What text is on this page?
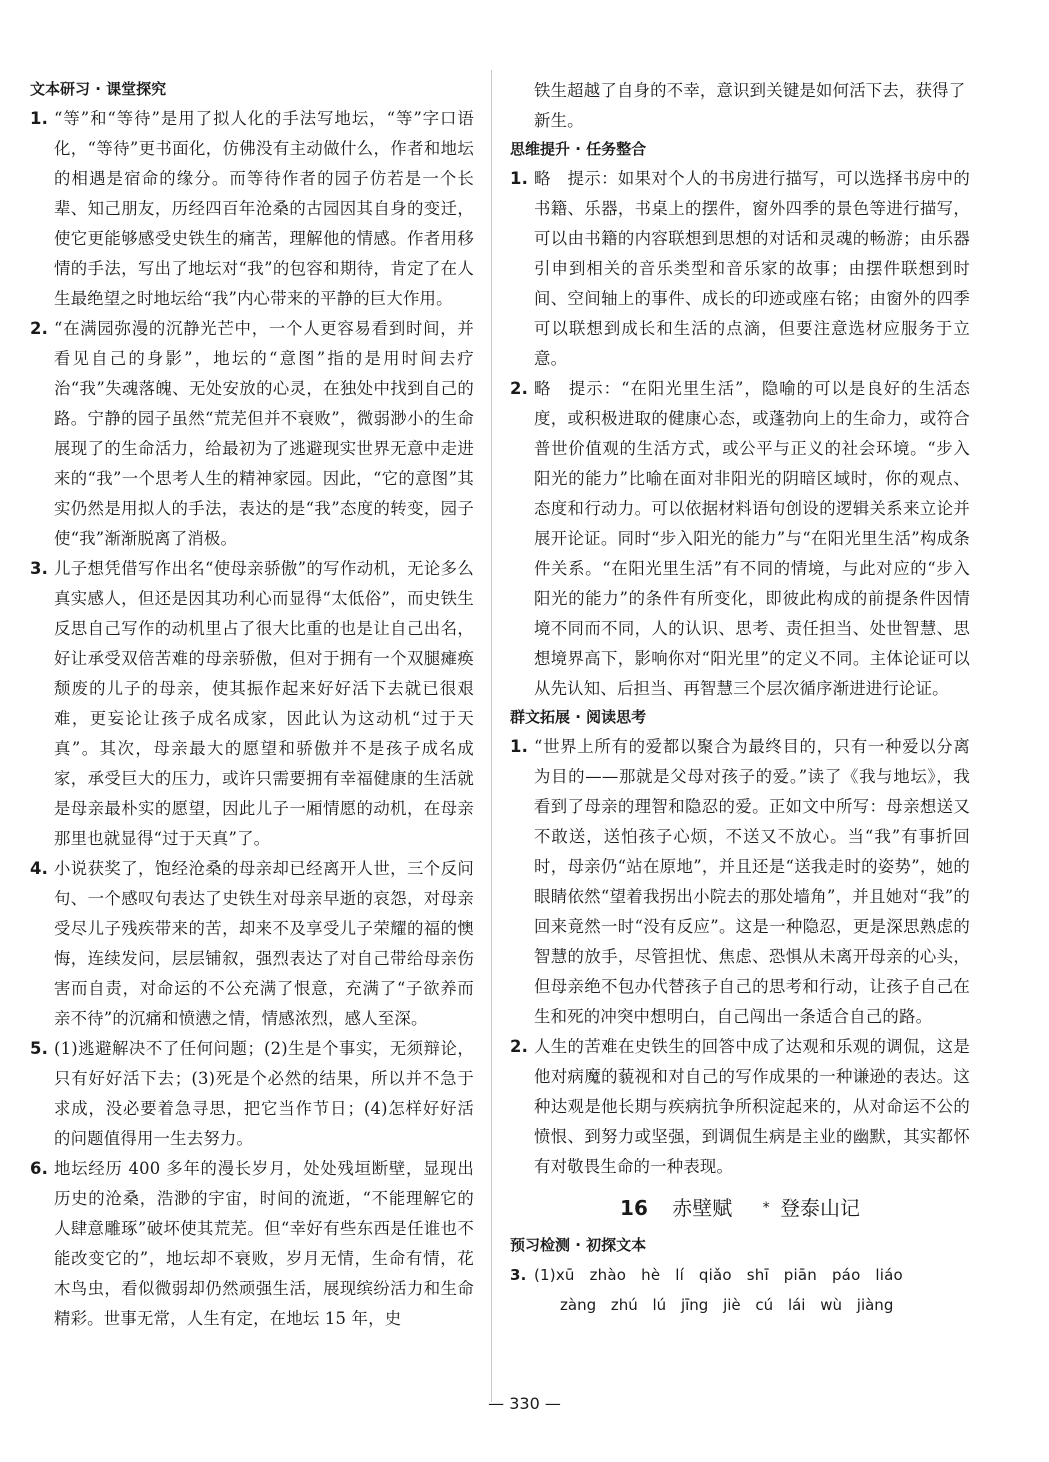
文本研习 · 课堂探究
1. “等”和“等待”是用了拟人化的手法写地坛，“等”字口语化，“等待”更书面化，仿佛没有主动做什么，作者和地坛的相遇是宿命的缘分。而等待作者的园子仿若是一个长辈、知己朋友，历经四百年沧桑的古园因其自身的变迁，使它更能够感受史铁生的痛苦，理解他的情感。作者用移情的手法，写出了地坛对“我”的包容和期待，肯定了在人生最绝望之时地坛给“我”内心带来的平静的巨大作用。
2. “在满园弥漫的沉静光芒中，一个人更容易看到时间，并看见自己的身影”，地坛的“意图”指的是用时间去疗治“我”失魂落魄、无处安放的心灵，在独处中找到自己的路。宁静的园子虽然“荒芜但并不衰败”，微弱渺小的生命展现了的生命活力，给最初为了逃避现实世界无意中走进来的“我”一个思考人生的精神家园。因此，“它的意图”其实仍然是用拟人的手法，表达的是“我”态度的转变，园子使“我”渐渐脱离了消极。
3. 儿子想凭借写作出名“使母亲骄傲”的写作动机，无论多么真实感人，但还是因其功利心而显得“太低俗”，而史铁生反思自己写作的动机里占了很大比重的也是让自己出名，好让承受双倍苦难的母亲骄傲，但对于拥有一个双腿瘫痪颓废的儿子的母亲，使其振作起来好好活下去就已很艰难，更妄论让孩子成名成家，因此认为这动机“过于天真”。其次，母亲最大的愿望和骄傲并不是孩子成名成家，承受巨大的压力，或许只需要拥有幸福健康的生活就是母亲最朴实的愿望，因此儿子一厢情愿的动机，在母亲那里也就显得“过于天真”了。
4. 小说获奖了，饱经沧桑的母亲却已经离开人世，三个反问句、一个感叹句表达了史铁生对母亲早逝的哀怨，对母亲受尽儿子残疾带来的苦，却来不及享受儿子荣耀的福的懊悔，连续发问，层层铺叙，强烈表达了对自己带给母亲伤害而自责，对命运的不公充满了恨意，充满了“子欲养而亲不待”的沉痛和愤懑之情，情感浓烈，感人至深。
5. (1)逃避解决不了任何问题；(2)生是个事实，无须辩论，只有好好活下去；(3)死是个必然的结果，所以并不急于求成，没必要着急寻思，把它当作节日；(4)怎样好好活的问题值得用一生去努力。
6. 地坛经历 400 多年的漫长岁月，处处残垣断壁，显现出历史的沧桑，浩渺的宇宙，时间的流逝，“不能理解它的人肆意雕琢”破坏使其荒芜。但“幸好有些东西是任谁也不能改变它的”，地坛却不衰败，岁月无情，生命有情，花木鸟虫，看似微弱却仍然顽强生活，展现缤纷活力和生命精彩。世事无常，人生有定，在地坛 15 年，史
铁生超越了自身的不幸，意识到关键是如何活下去，获得了新生。
思维提升 · 任务整合
1. 略　提示：如果对个人的书房进行描写，可以选择书房中的书籍、乐器，书桌上的摆件，窗外四季的景色等进行描写，可以由书籍的内容联想到思想的对话和灵魂的畅游；由乐器引申到相关的音乐类型和音乐家的故事；由摆件联想到时间、空间轴上的事件、成长的印迹或座右铭；由窗外的四季可以联想到成长和生活的点滴，但要注意选材应服务于立意。
2. 略　提示：“在阳光里生活”，隐喻的可以是良好的生活态度，或积极进取的健康心态，或蓬勃向上的生命力，或符合普世价值观的生活方式，或公平与正义的社会环境。“步入阳光的能力”比喻在面对非阳光的阴暗区域时，你的观点、态度和行动力。可以依据材料语句创设的逻辑关系来立论并展开论证。同时“步入阳光的能力”与“在阳光里生活”构成条件关系。“在阳光里生活”有不同的情境，与此对应的“步入阳光的能力”的条件有所变化，即彼此构成的前提条件因情境不同而不同，人的认识、思考、责任担当、处世智慧、思想境界高下，影响你对“阳光里”的定义不同。主体论证可以从先认知、后担当、再智慧三个层次循序渐进进行论证。
群文拓展 · 阅读思考
1. “世界上所有的爱都以聚合为最终目的，只有一种爱以分离为目的——那就是父母对孩子的爱。”读了《我与地坛》，我看到了母亲的理智和隐忍的爱。正如文中所写：母亲想送又不敢送，送怕孩子心烦，不送又不放心。当“我”有事折回时，母亲仍“站在原地”，并且还是“送我走时的姿势”，她的眼睛依然“望着我拐出小院去的那处墙角”，并且她对“我”的回来竟然一时“没有反应”。这是一种隐忍，更是深思熟虑的智慧的放手，尽管担忧、焦虑、恐惧从未离开母亲的心头，但母亲绝不包办代替孩子自己的思考和行动，让孩子自己在生和死的冲突中想明白，自己闯出一条适合自己的路。
2. 人生的苦难在史铁生的回答中成了达观和乐观的调侃，这是他对病魔的藐视和对自己的写作成果的一种谦逊的表达。这种达观是他长期与疾病抗争所积淀起来的，从对命运不公的愤恨、到努力或坚强，到调侃生病是主业的幽默，其实都怀有对敬畏生命的一种表现。
16 赤壁赋 * 登泰山记
预习检测 · 初探文本
3. (1)xū zhào hè lí qiǎo shī piān páo liáo
zàng zhú lú jīng jiè cú lái wù jiàng
— 330 —
